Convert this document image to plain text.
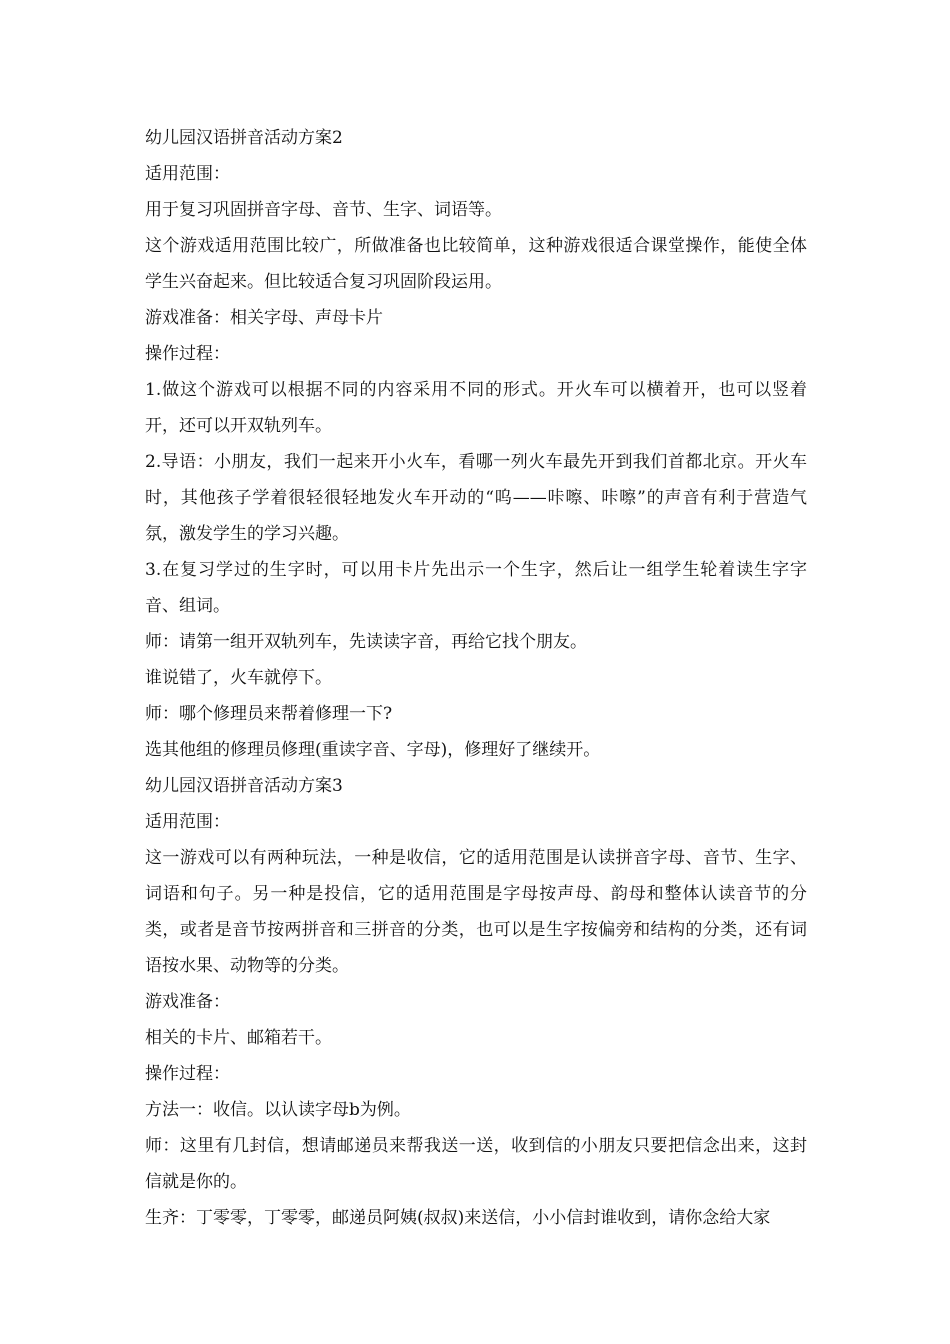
幼儿园汉语拼音活动方案2

适用范围：

用于复习巩固拼音字母、音节、生字、词语等。

这个游戏适用范围比较广，所做准备也比较简单，这种游戏很适合课堂操作，能使全体学生兴奋起来。但比较适合复习巩固阶段运用。

游戏准备：相关字母、声母卡片

操作过程：

1.做这个游戏可以根据不同的内容采用不同的形式。开火车可以横着开，也可以竖着开，还可以开双轨列车。

2.导语：小朋友，我们一起来开小火车，看哪一列火车最先开到我们首都北京。开火车时，其他孩子学着很轻很轻地发火车开动的“呜——咔嚓、咔嚓”的声音有利于营造气氛，激发学生的学习兴趣。

3.在复习学过的生字时，可以用卡片先出示一个生字，然后让一组学生轮着读生字字音、组词。

师：请第一组开双轨列车，先读读字音，再给它找个朋友。

谁说错了，火车就停下。

师：哪个修理员来帮着修理一下?

选其他组的修理员修理(重读字音、字母)，修理好了继续开。

幼儿园汉语拼音活动方案3

适用范围：

这一游戏可以有两种玩法，一种是收信，它的适用范围是认读拼音字母、音节、生字、词语和句子。另一种是投信，它的适用范围是字母按声母、韵母和整体认读音节的分类，或者是音节按两拼音和三拼音的分类，也可以是生字按偏旁和结构的分类，还有词语按水果、动物等的分类。

游戏准备：

相关的卡片、邮箱若干。

操作过程：

方法一：收信。以认读字母b为例。

师：这里有几封信，想请邮递员来帮我送一送，收到信的小朋友只要把信念出来，这封信就是你的。

生齐：丁零零，丁零零，邮递员阿姨(叔叔)来送信，小小信封谁收到，请你念给大家
